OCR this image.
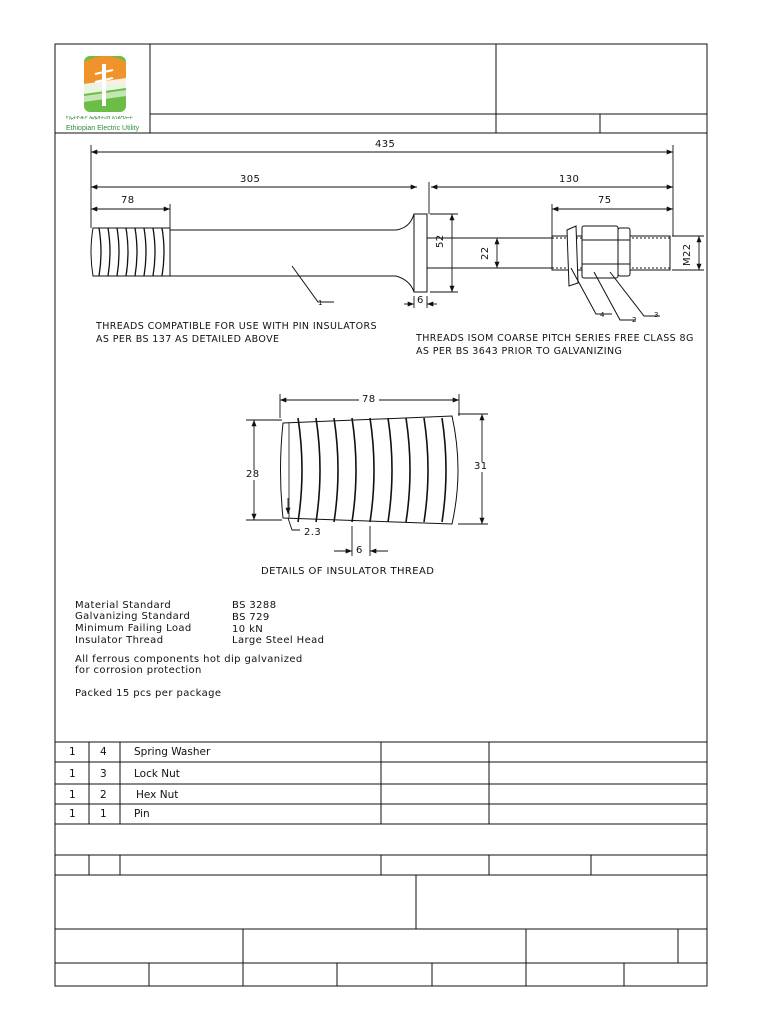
የኢትዮጵያ ኤሌክትሪክ አገልግሎት
Ethiopian Electric Utility
435
305	130
78	75
52
22	M22
6
1
2
3
4
THREADS COMPATIBLE FOR USE WITH PIN INSULATORS
AS PER BS 137 AS DETAILED ABOVE	THREADS ISOM COARSE PITCH SERIES FREE CLASS 8G
AS PER BS 3643 PRIOR TO GALVANIZING
78
28
31
2.3
6
DETAILS OF INSULATOR THREAD
Material Standard	BS 3288
Galvanizing Standard	BS 729
Minimum Failing Load	10 kN
Insulator Thread	Large Steel Head
All ferrous components hot dip galvanized
for corrosion protection
Packed 15 pcs per package
1 4	Spring Washer
1 3	Lock Nut
1 2	Hex Nut
1 1	Pin
